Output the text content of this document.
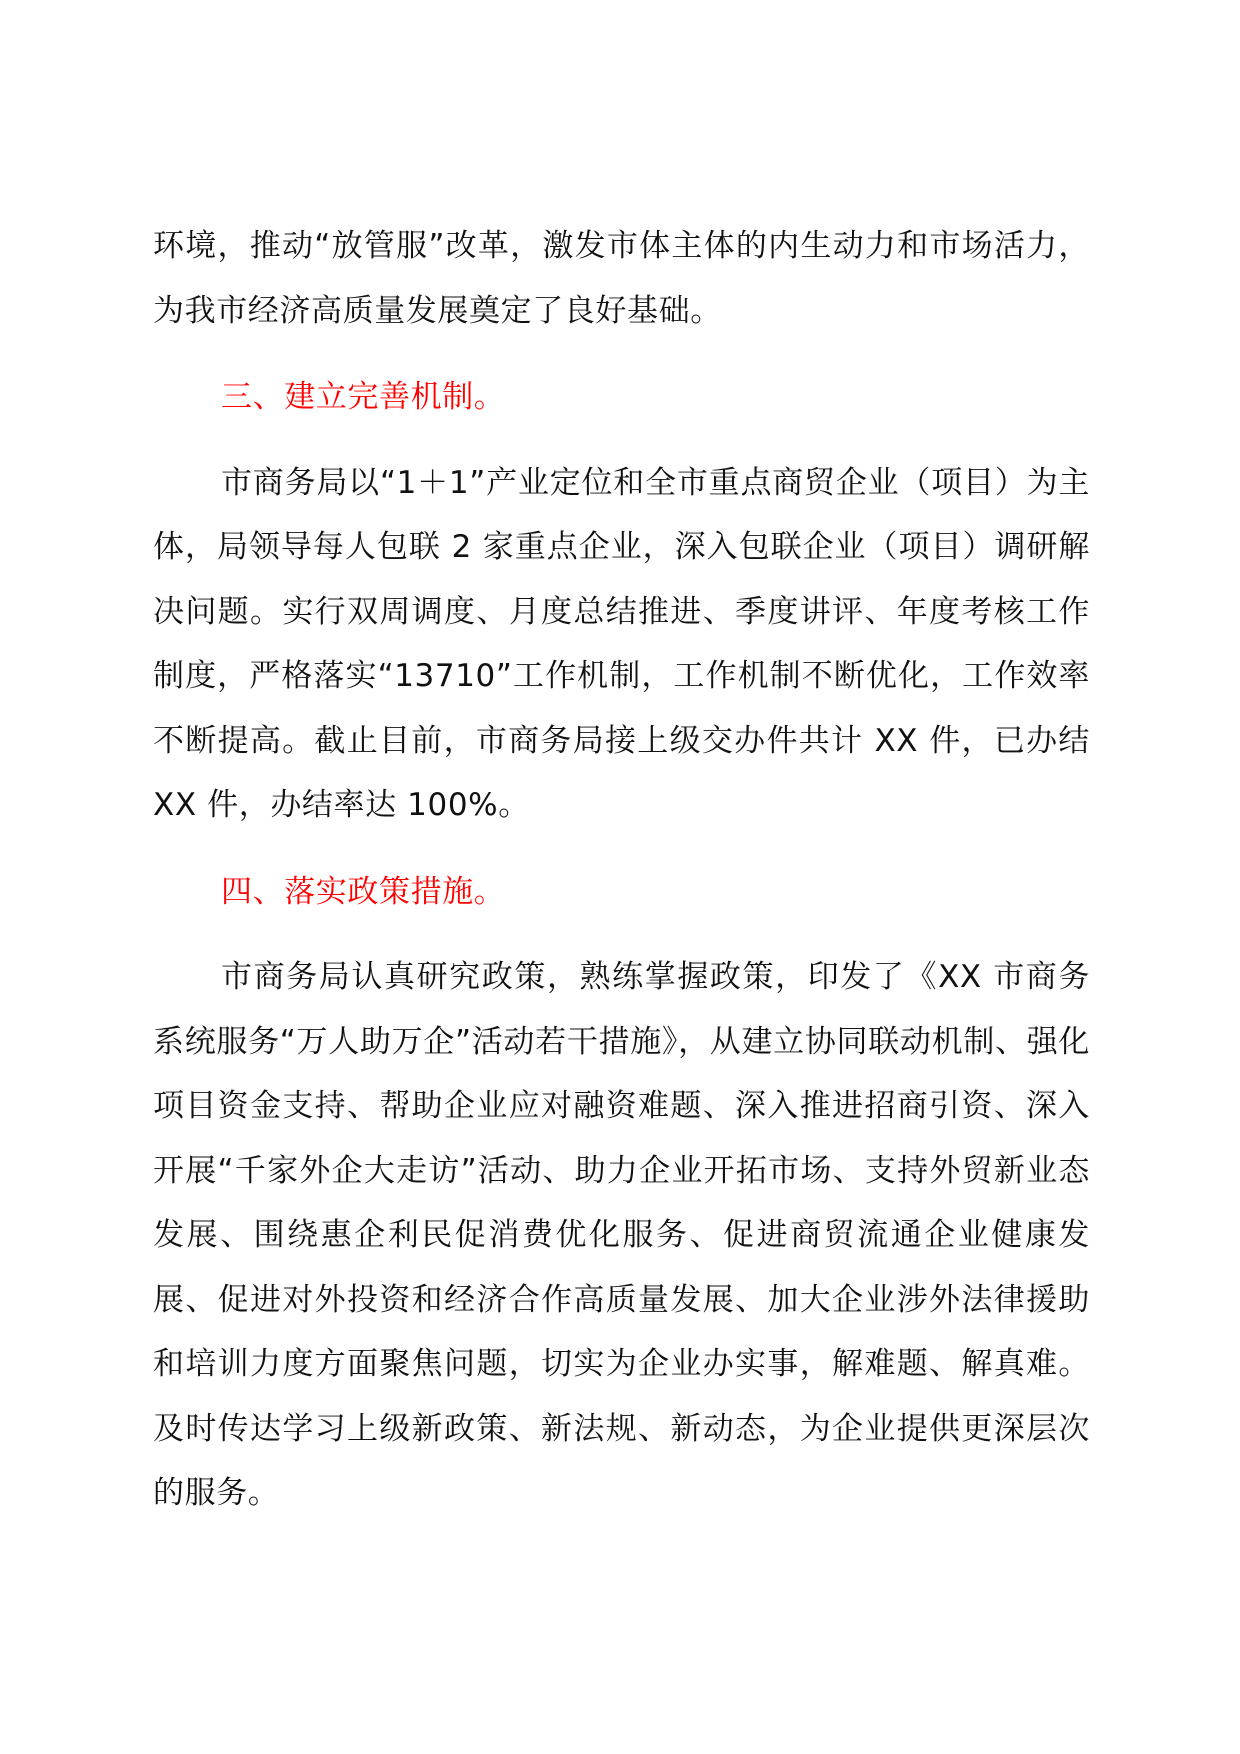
环境，推动“放管服”改革，激发市体主体的内生动力和市场活力，为我市经济高质量发展奠定了良好基础。

三、建立完善机制。

市商务局以“1＋1”产业定位和全市重点商贸企业（项目）为主体，局领导每人包联 2 家重点企业，深入包联企业（项目）调研解决问题。实行双周调度、月度总结推进、季度讲评、年度考核工作制度，严格落实“13710”工作机制，工作机制不断优化，工作效率不断提高。截止目前，市商务局接上级交办件共计 XX 件，已办结 XX 件，办结率达 100%。

四、落实政策措施。

市商务局认真研究政策，熟练掌握政策，印发了《XX 市商务系统服务“万人助万企”活动若干措施》，从建立协同联动机制、强化项目资金支持、帮助企业应对融资难题、深入推进招商引资、深入开展“千家外企大走访”活动、助力企业开拓市场、支持外贸新业态发展、围绕惠企利民促消费优化服务、促进商贸流通企业健康发展、促进对外投资和经济合作高质量发展、加大企业涉外法律援助和培训力度方面聚焦问题，切实为企业办实事，解难题、解真难。及时传达学习上级新政策、新法规、新动态，为企业提供更深层次的服务。
